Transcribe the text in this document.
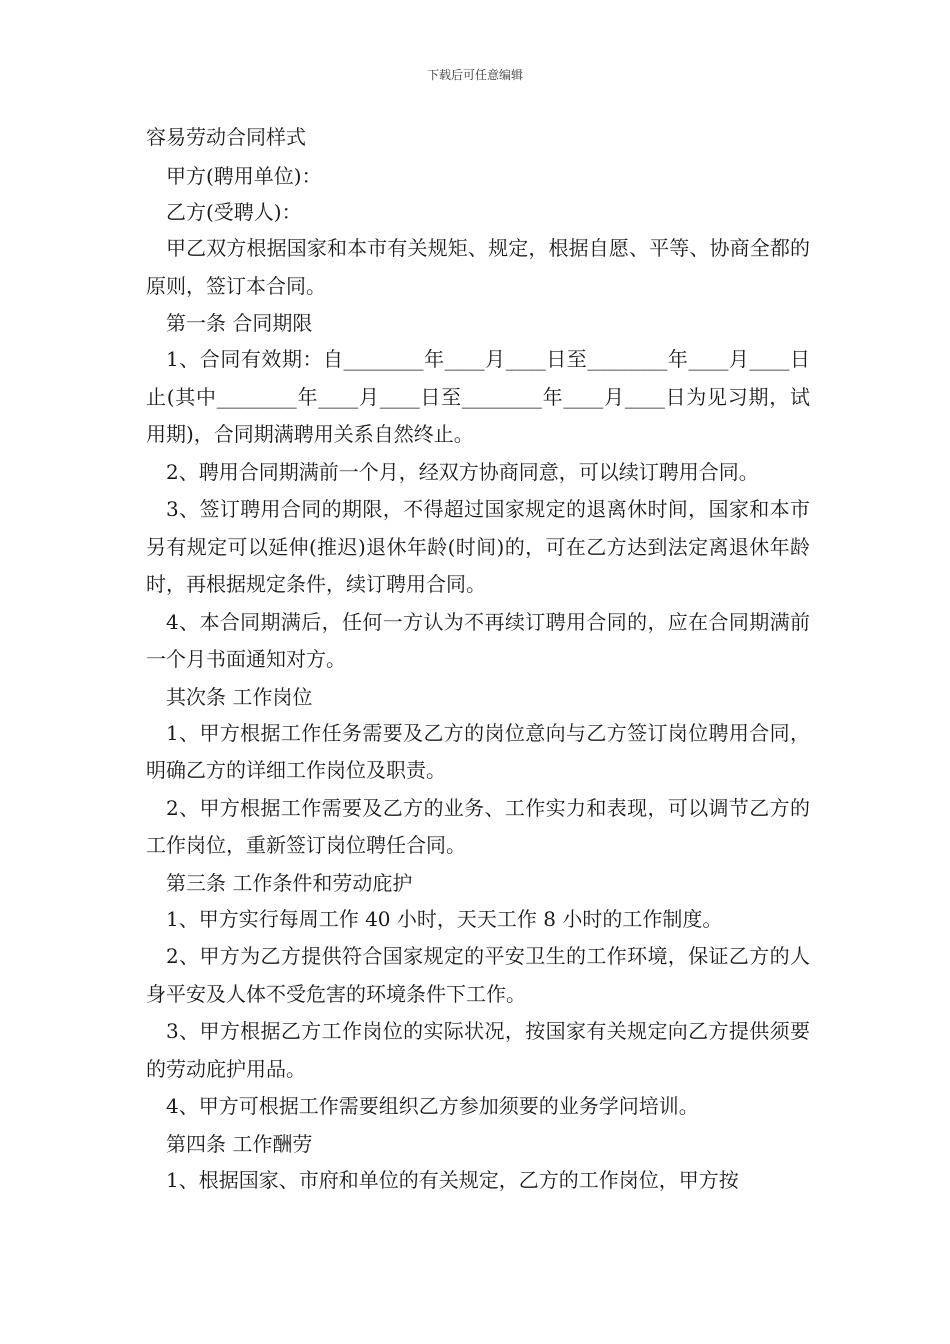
下载后可任意编辑
容易劳动合同样式

甲方(聘用单位)：

乙方(受聘人)：

甲乙双方根据国家和本市有关规矩、规定，根据自愿、平等、协商全都的原则，签订本合同。

第一条 合同期限

1、合同有效期：自________年____月____日至________年____月____日止(其中________年____月____日至________年____月____日为见习期，试用期)，合同期满聘用关系自然终止。

2、聘用合同期满前一个月，经双方协商同意，可以续订聘用合同。

3、签订聘用合同的期限，不得超过国家规定的退离休时间，国家和本市另有规定可以延伸(推迟)退休年龄(时间)的，可在乙方达到法定离退休年龄时，再根据规定条件，续订聘用合同。

4、本合同期满后，任何一方认为不再续订聘用合同的，应在合同期满前一个月书面通知对方。

其次条 工作岗位

1、甲方根据工作任务需要及乙方的岗位意向与乙方签订岗位聘用合同，明确乙方的详细工作岗位及职责。

2、甲方根据工作需要及乙方的业务、工作实力和表现，可以调节乙方的工作岗位，重新签订岗位聘任合同。

第三条 工作条件和劳动庇护

1、甲方实行每周工作 40 小时，天天工作 8 小时的工作制度。

2、甲方为乙方提供符合国家规定的平安卫生的工作环境，保证乙方的人身平安及人体不受危害的环境条件下工作。

3、甲方根据乙方工作岗位的实际状况，按国家有关规定向乙方提供须要的劳动庇护用品。

4、甲方可根据工作需要组织乙方参加须要的业务学问培训。

第四条 工作酬劳

1、根据国家、市府和单位的有关规定，乙方的工作岗位，甲方按
